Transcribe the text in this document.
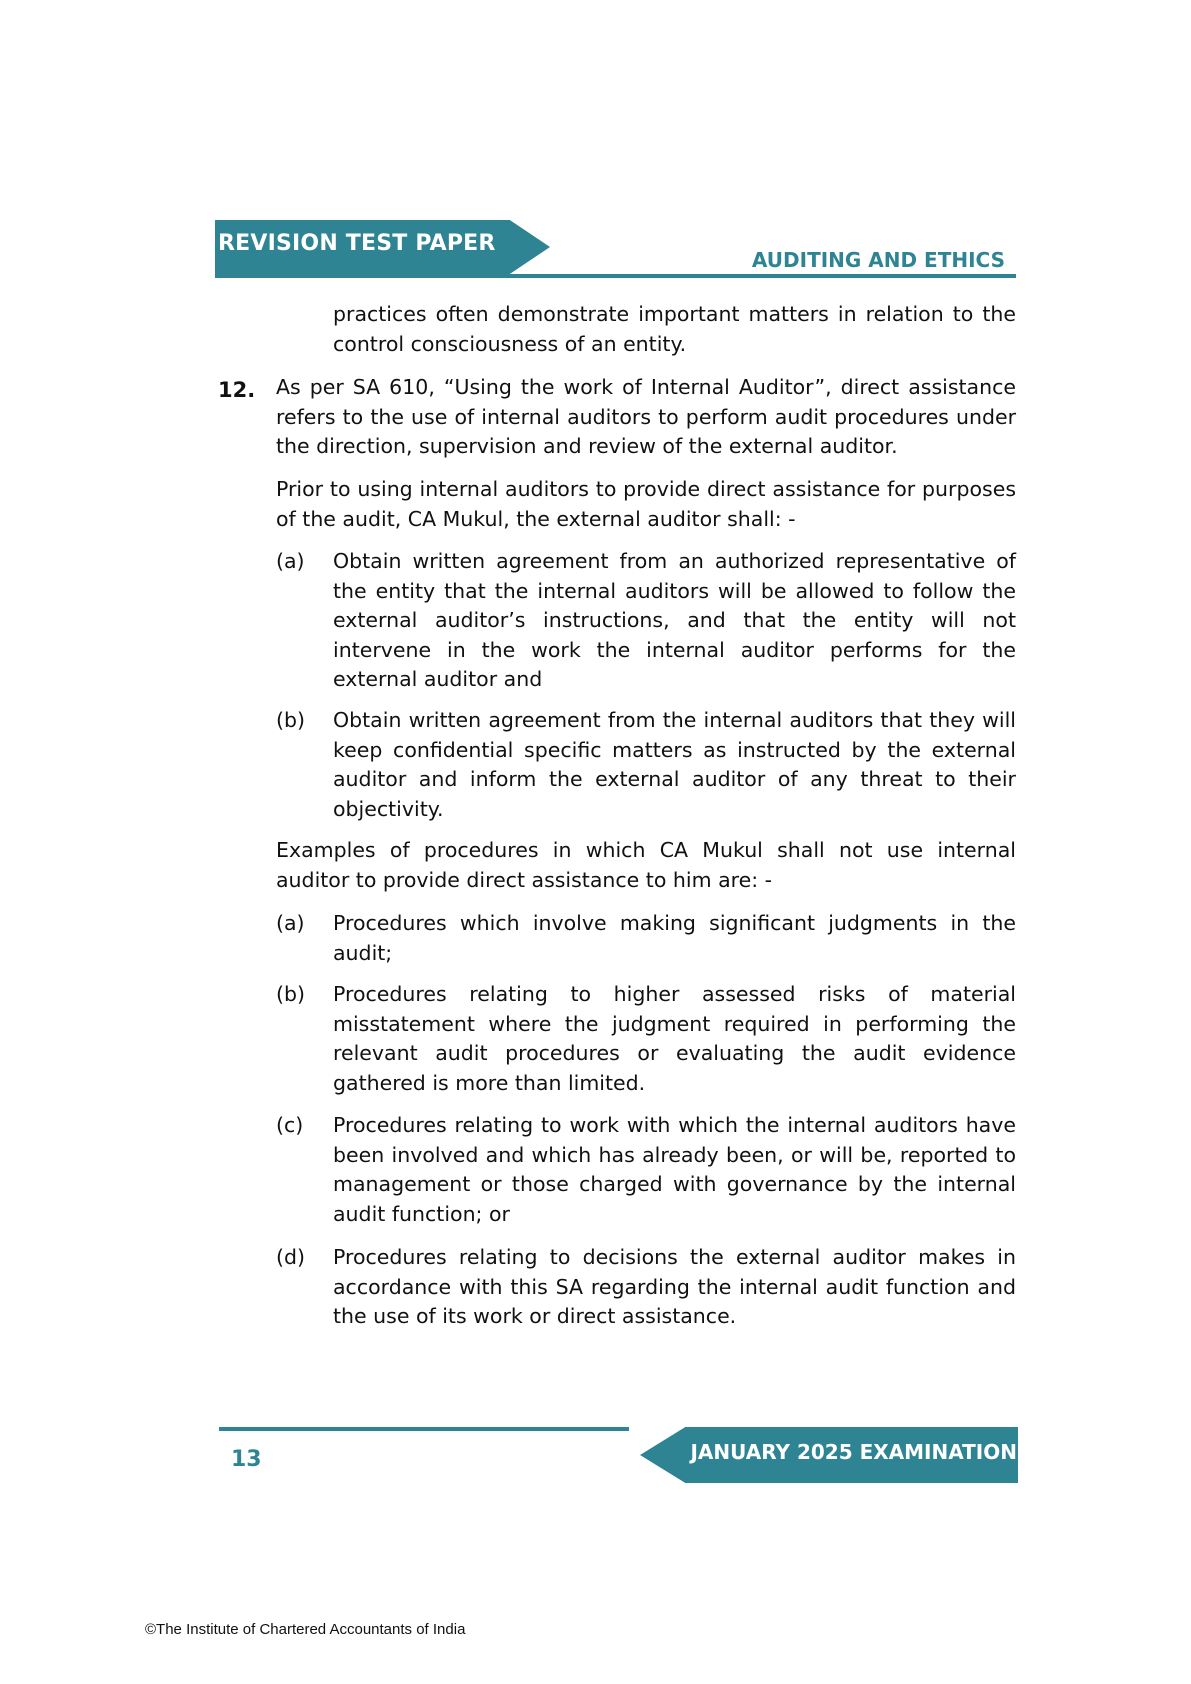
REVISION TEST PAPER
AUDITING AND ETHICS

practices often demonstrate important matters in relation to the control consciousness of an entity.

12. As per SA 610, “Using the work of Internal Auditor”, direct assistance refers to the use of internal auditors to perform audit procedures under the direction, supervision and review of the external auditor.

Prior to using internal auditors to provide direct assistance for purposes of the audit, CA Mukul, the external auditor shall: -

(a) Obtain written agreement from an authorized representative of the entity that the internal auditors will be allowed to follow the external auditor’s instructions, and that the entity will not intervene in the work the internal auditor performs for the external auditor and

(b) Obtain written agreement from the internal auditors that they will keep confidential specific matters as instructed by the external auditor and inform the external auditor of any threat to their objectivity.

Examples of procedures in which CA Mukul shall not use internal auditor to provide direct assistance to him are: -

(a) Procedures which involve making significant judgments in the audit;

(b) Procedures relating to higher assessed risks of material misstatement where the judgment required in performing the relevant audit procedures or evaluating the audit evidence gathered is more than limited.

(c) Procedures relating to work with which the internal auditors have been involved and which has already been, or will be, reported to management or those charged with governance by the internal audit function; or

(d) Procedures relating to decisions the external auditor makes in accordance with this SA regarding the internal audit function and the use of its work or direct assistance.

JANUARY 2025 EXAMINATION
13
©The Institute of Chartered Accountants of India
